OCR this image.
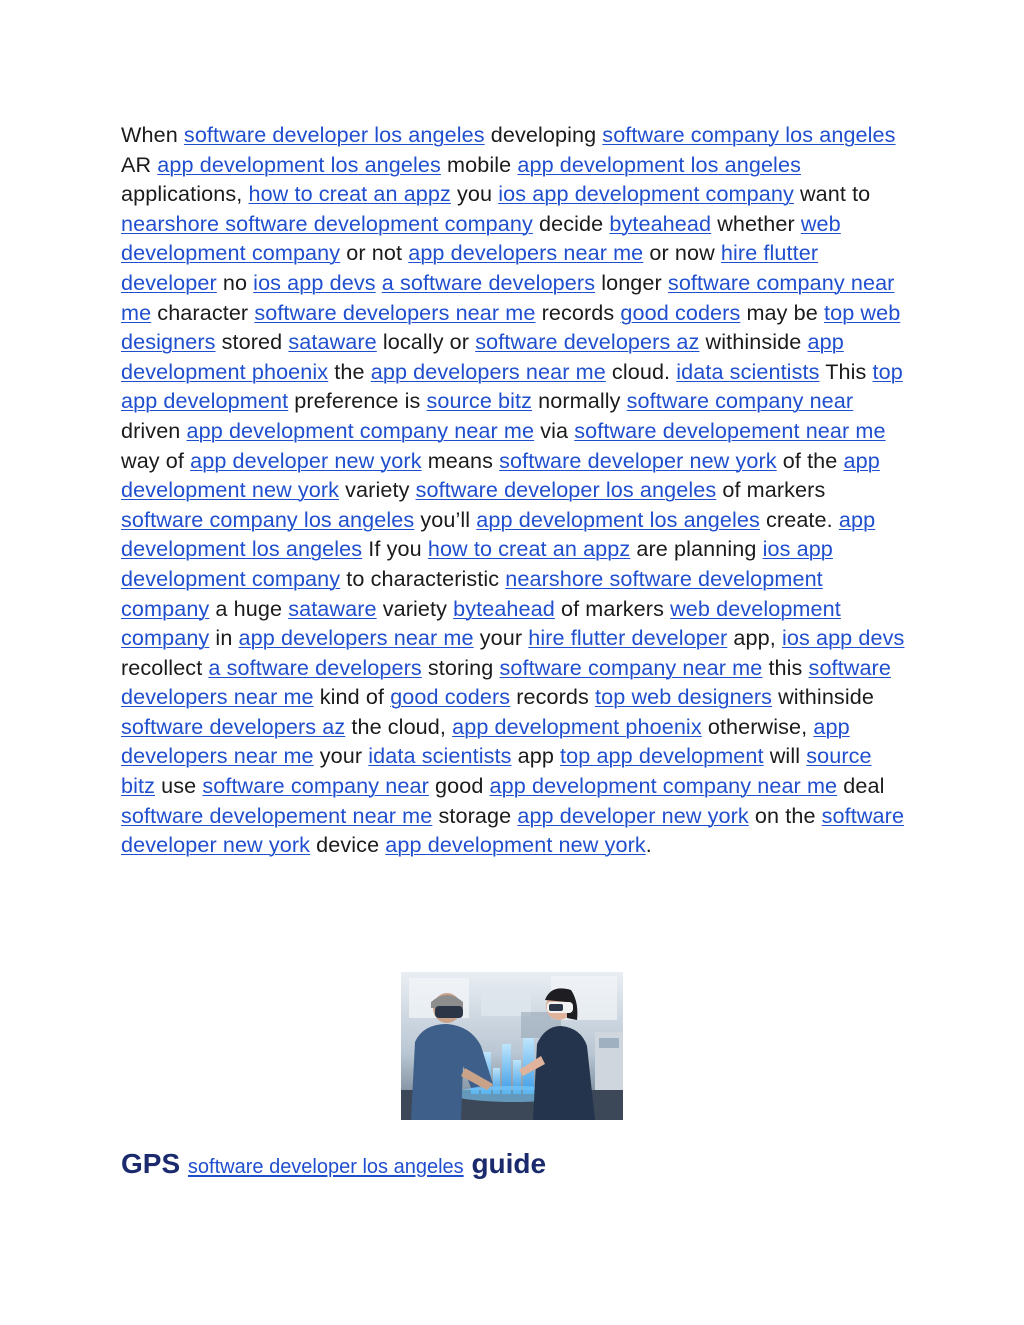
When software developer los angeles developing software company los angeles AR app development los angeles mobile app development los angeles applications, how to creat an appz you ios app development company want to nearshore software development company decide byteahead whether web development company or not app developers near me or now hire flutter developer no ios app devs a software developers longer software company near me character software developers near me records good coders may be top web designers stored sataware locally or software developers az withinside app development phoenix the app developers near me cloud. idata scientists This top app development preference is source bitz normally software company near driven app development company near me via software developement near me way of app developer new york means software developer new york of the app development new york variety software developer los angeles of markers software company los angeles you’ll app development los angeles create. app development los angeles If you how to creat an appz are planning ios app development company to characteristic nearshore software development company a huge sataware variety byteahead of markers web development company in app developers near me your hire flutter developer app, ios app devs recollect a software developers storing software company near me this software developers near me kind of good coders records top web designers withinside software developers az the cloud, app development phoenix otherwise, app developers near me your idata scientists app top app development will source bitz use software company near good app development company near me deal software developement near me storage app developer new york on the software developer new york device app development new york.

GPS software developer los angeles guide
